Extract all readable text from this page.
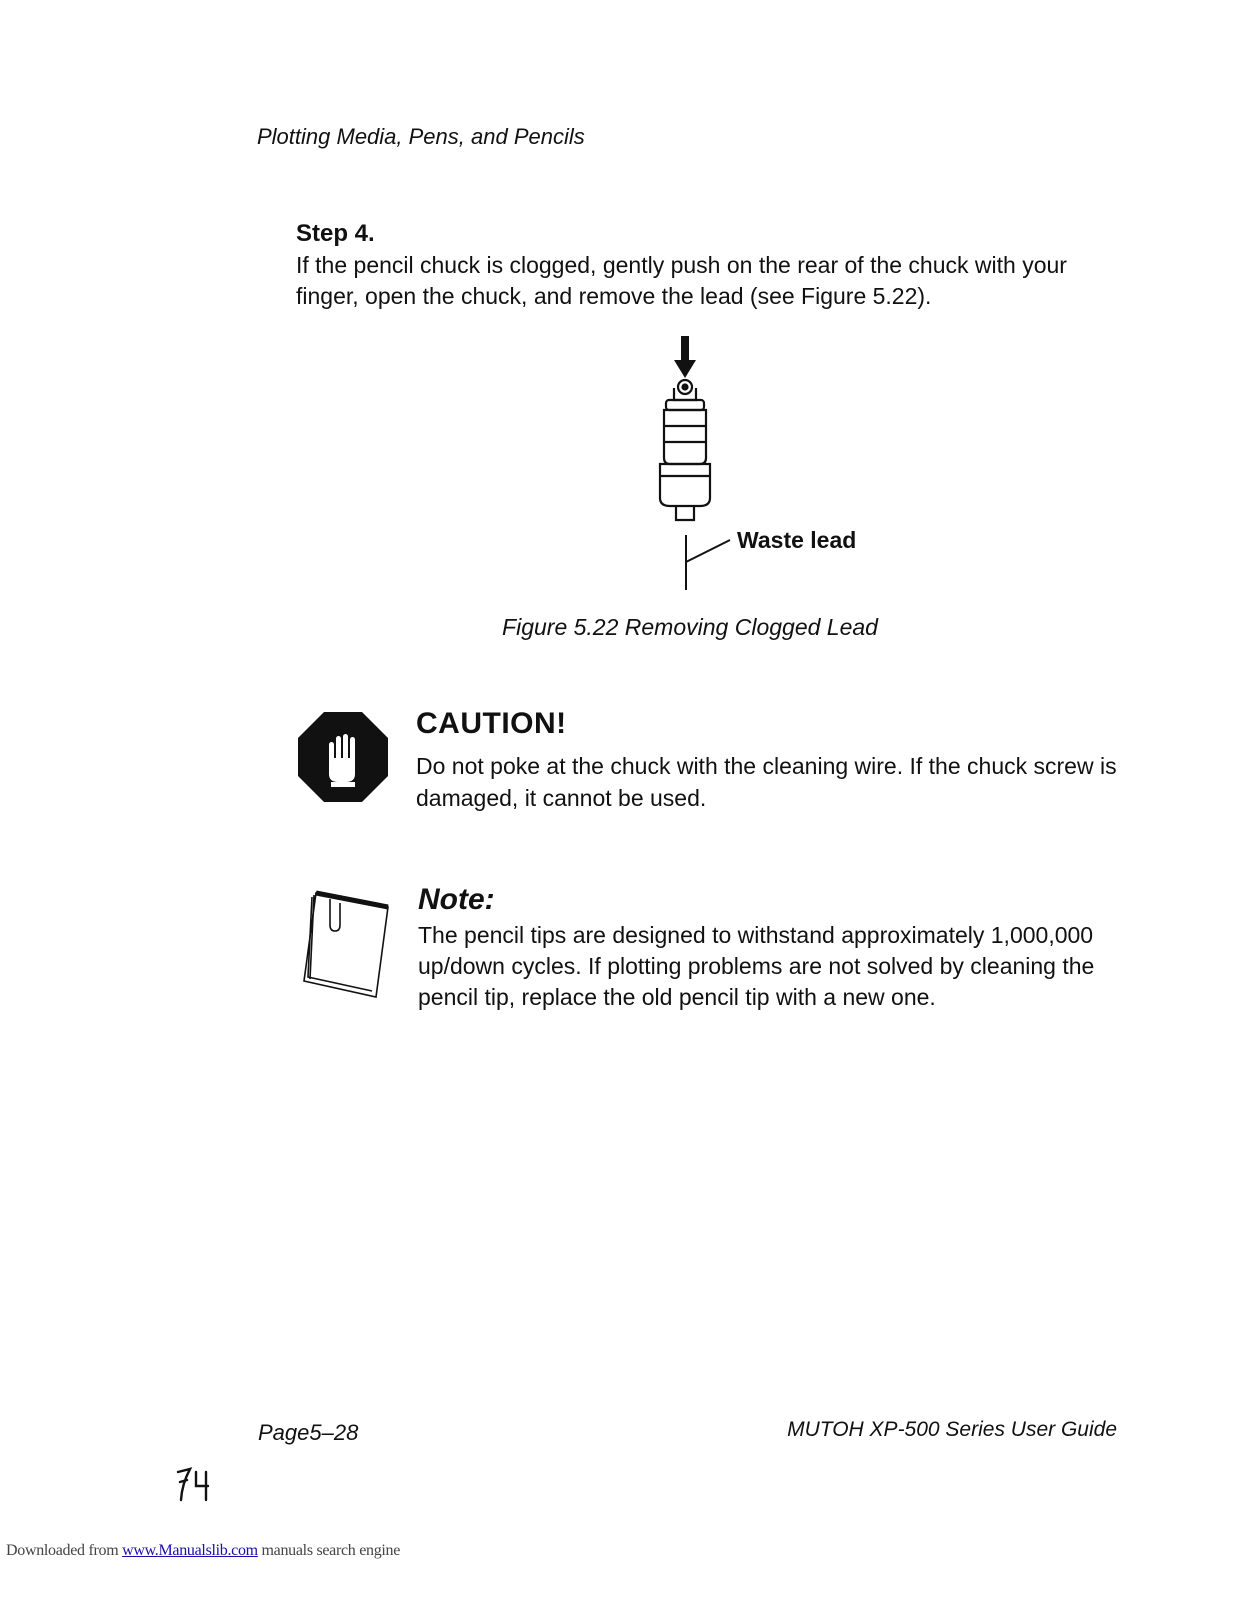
Plotting Media, Pens, and Pencils
Step 4.
If the pencil chuck is clogged, gently push on the rear of the chuck with your finger, open the chuck, and remove the lead (see Figure 5.22).
Waste lead
Figure 5.22 Removing Clogged Lead
CAUTION!
Do not poke at the chuck with the cleaning wire. If the chuck screw is damaged, it cannot be used.
Note:
The pencil tips are designed to withstand approximately 1,000,000 up/down cycles. If plotting problems are not solved by cleaning the pencil tip, replace the old pencil tip with a new one.
Page5–28	MUTOH XP-500 Series User Guide
Downloaded from www.Manualslib.com manuals search engine
